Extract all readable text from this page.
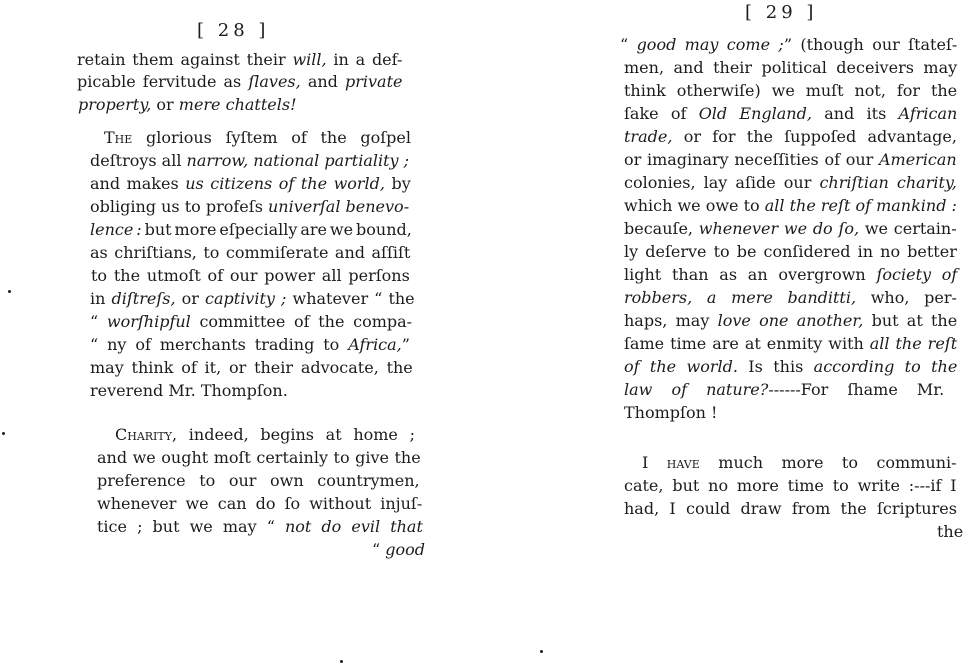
[ 28 ]
retain them against their will, in a def-
picable fervitude as ſlaves, and private
property, or mere chattels!
The glorious ſyſtem of the goſpel
deſtroys all narrow, national partiality ;
and makes us citizens of the world, by
obliging us to profeſs univerſal benevo-
lence : but more eſpecially are we bound,
as chriſtians, to commiſerate and aſſiſt
to the utmoſt of our power all perſons
in diſtreſs, or captivity ; whatever “ the
“ worſhipful committee of the compa-
“ ny of merchants trading to Africa,”
may think of it, or their advocate, the
reverend Mr. Thompſon.
Charity, indeed, begins at home ;
and we ought moſt certainly to give the
preference to our own countrymen,
whenever we can do ſo without injuſ-
tice ; but we may “ not do evil that
“ good
[ 29 ]
“ good may come ;” (though our ſtateſ-
men, and their political deceivers may
think otherwiſe) we muſt not, for the
ſake of Old England, and its African
trade, or for the ſuppoſed advantage,
or imaginary neceſſities of our American
colonies, lay aſide our chriſtian charity,
which we owe to all the reſt of mankind :
becauſe, whenever we do ſo, we certain-
ly deſerve to be conſidered in no better
light than as an overgrown ſociety of
robbers, a mere banditti, who, per-
haps, may love one another, but at the
ſame time are at enmity with all the reſt
of the world. Is this according to the
law of nature?------For ſhame Mr.
Thompſon !
I have much more to communi-
cate, but no more time to write :---if I
had, I could draw from the ſcriptures
the
